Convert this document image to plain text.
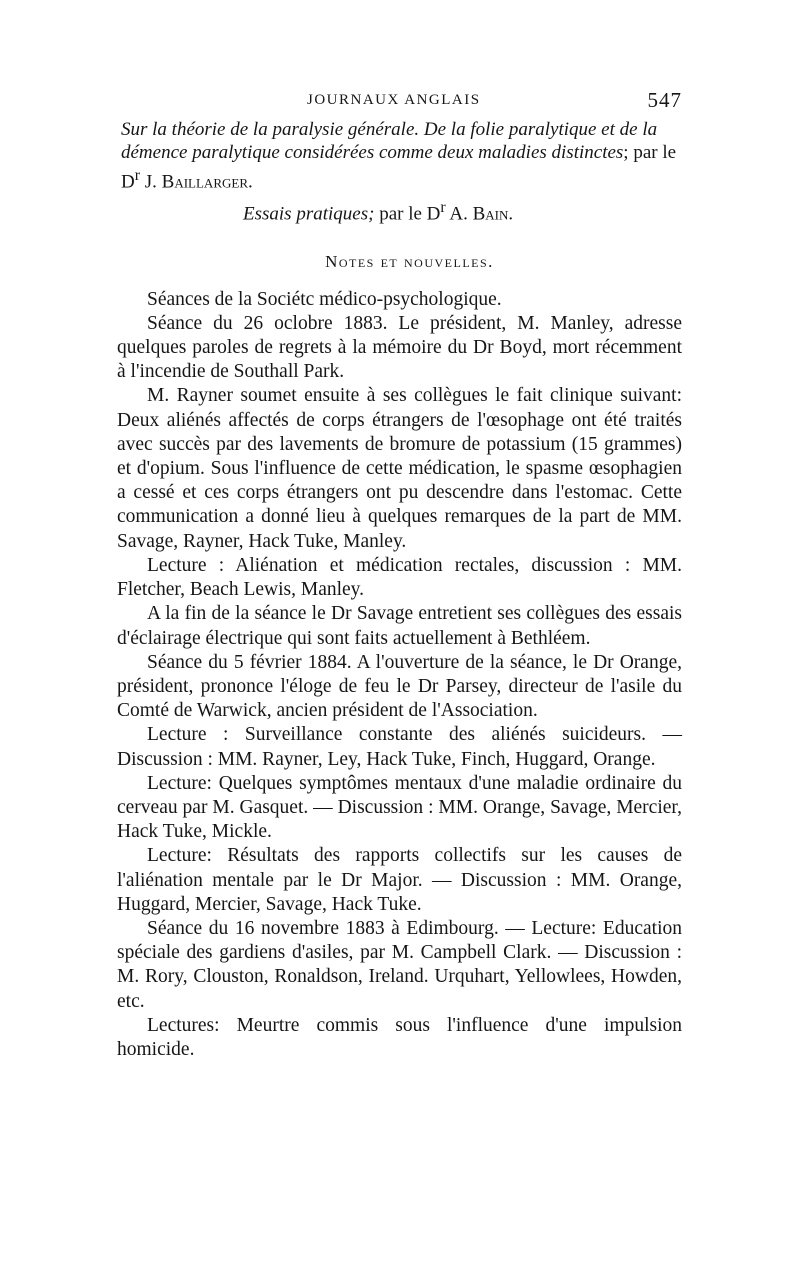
JOURNAUX ANGLAIS	547

Sur la théorie de la paralysie générale. De la folie paralytique et de la démence paralytique considérées comme deux maladies distinctes; par le $D^r$ J. Baillarger.

Essais pratiques; par le $D^r$ A. Bain.

Notes et nouvelles.

Séances de la Sociétc médico-psychologique.

Séance du 26 oclobre 1883. Le président, M. Manley, adresse quelques paroles de regrets à la mémoire du Dr Boyd, mort récemment à l'incendie de Southall Park.

M. Rayner soumet ensuite à ses collègues le fait clinique suivant: Deux aliénés affectés de corps étrangers de l'œsophage ont été traités avec succès par des lavements de bromure de potassium (15 grammes) et d'opium. Sous l'influence de cette médication, le spasme œsophagien a cessé et ces corps étrangers ont pu descendre dans l'estomac. Cette communication a donné lieu à quelques remarques de la part de MM. Savage, Rayner, Hack Tuke, Manley.

Lecture : Aliénation et médication rectales, discussion : MM. Fletcher, Beach Lewis, Manley.

A la fin de la séance le Dr Savage entretient ses collègues des essais d'éclairage électrique qui sont faits actuellement à Bethléem.

Séance du 5 février 1884. A l'ouverture de la séance, le Dr Orange, président, prononce l'éloge de feu le Dr Parsey, directeur de l'asile du Comté de Warwick, ancien président de l'Association.

Lecture : Surveillance constante des aliénés suicideurs. — Discussion : MM. Rayner, Ley, Hack Tuke, Finch, Huggard, Orange.

Lecture: Quelques symptômes mentaux d'une maladie ordinaire du cerveau par M. Gasquet. — Discussion : MM. Orange, Savage, Mercier, Hack Tuke, Mickle.

Lecture: Résultats des rapports collectifs sur les causes de l'aliénation mentale par le Dr Major. — Discussion : MM. Orange, Huggard, Mercier, Savage, Hack Tuke.

Séance du 16 novembre 1883 à Edimbourg. — Lecture: Education spéciale des gardiens d'asiles, par M. Campbell Clark. — Discussion : M. Rory, Clouston, Ronaldson, Ireland. Urquhart, Yellowlees, Howden, etc.

Lectures: Meurtre commis sous l'influence d'une impulsion homicide.
